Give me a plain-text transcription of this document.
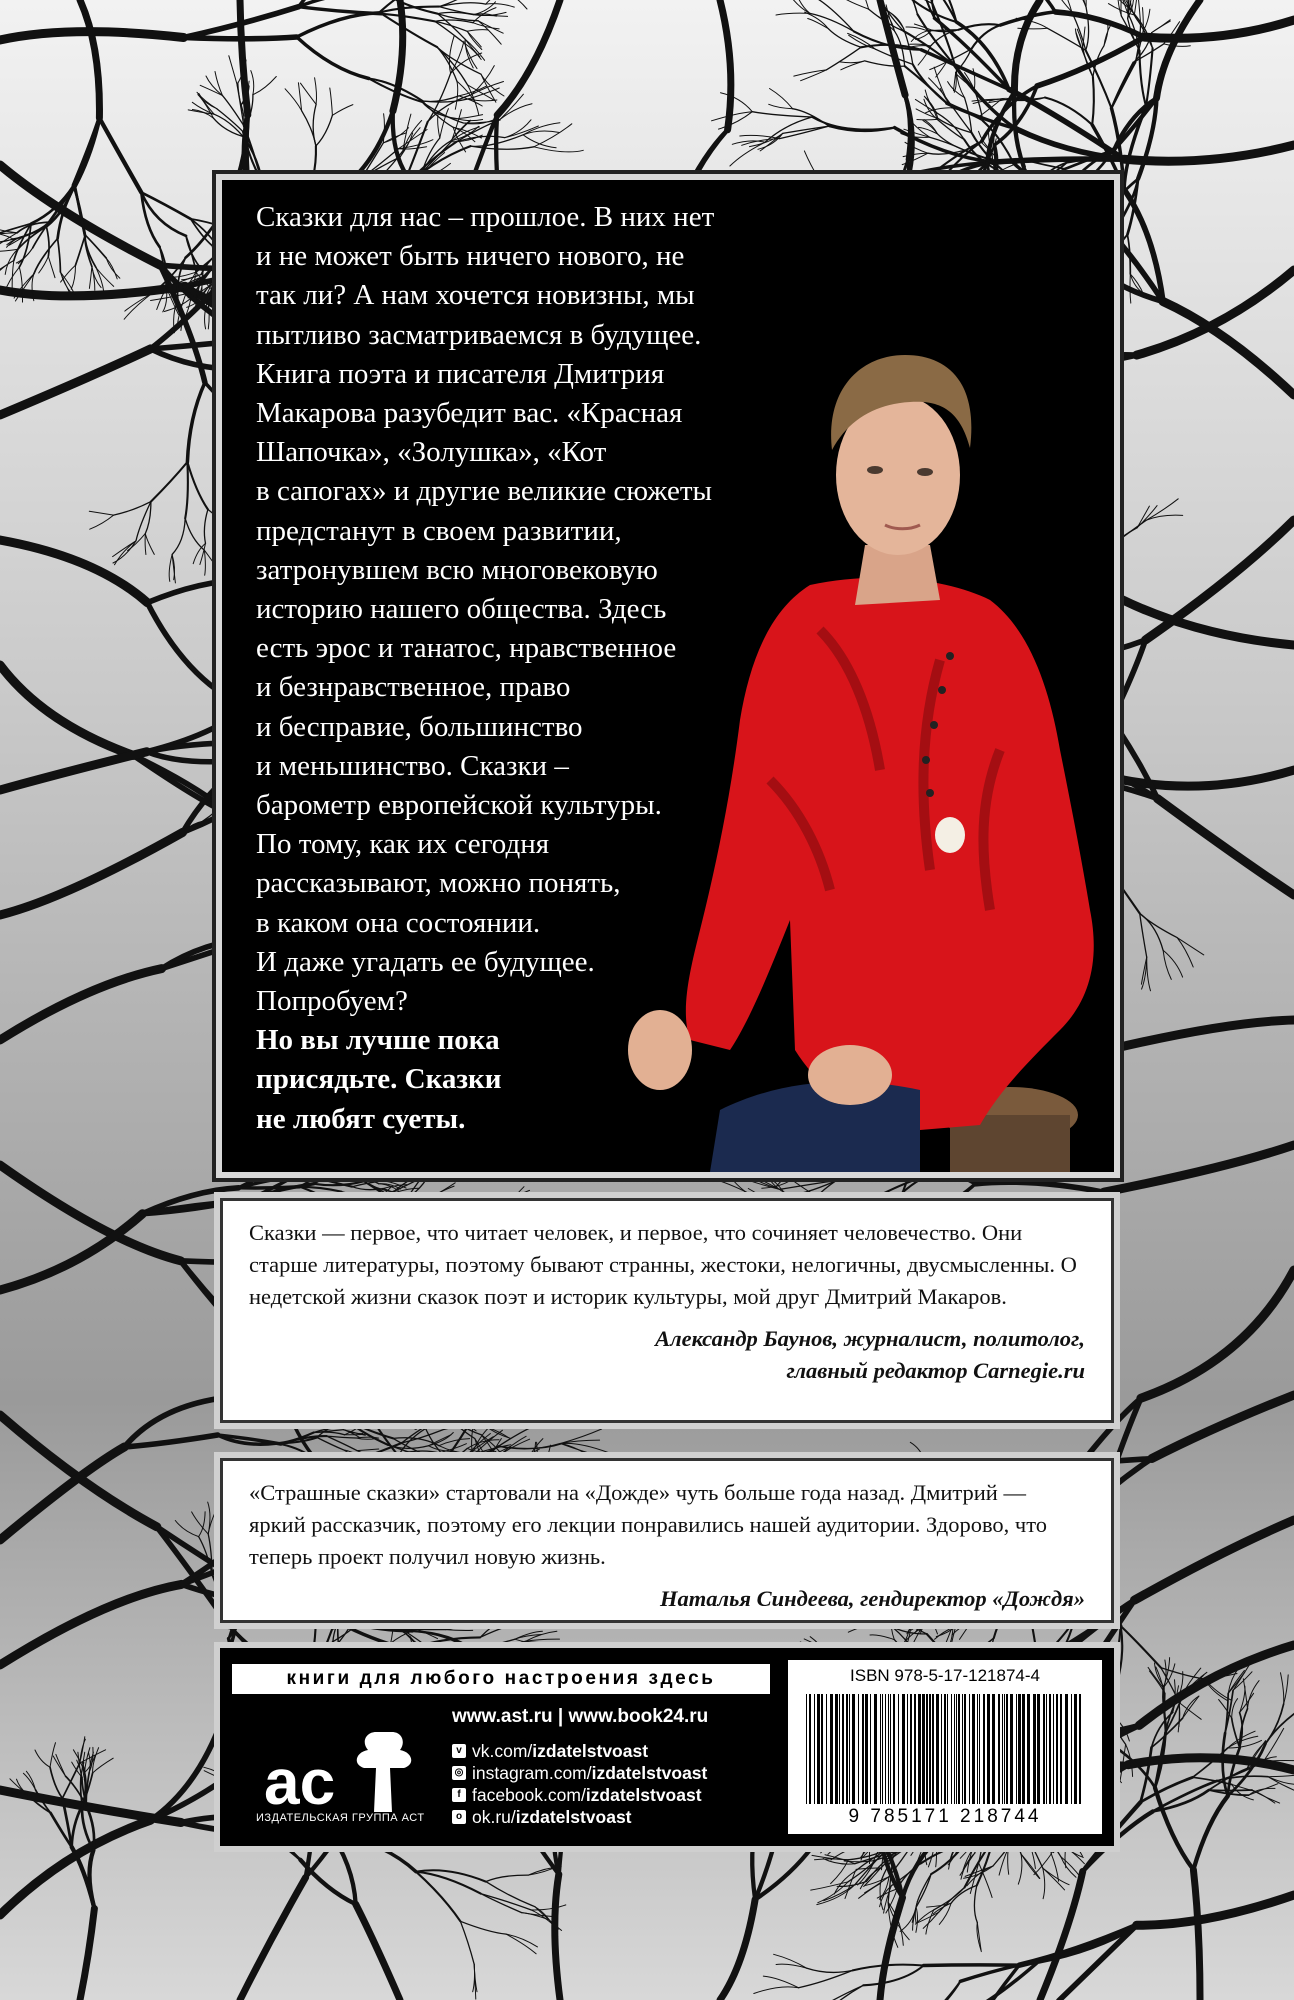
Сказки для нас – прошлое. В них нет
и не может быть ничего нового, не
так ли? А нам хочется новизны, мы
пытливо засматриваемся в будущее.
Книга поэта и писателя Дмитрия
Макарова разубедит вас. «Красная
Шапочка», «Золушка», «Кот
в сапогах» и другие великие сюжеты
предстанут в своем развитии,
затронувшем всю многовековую
историю нашего общества. Здесь
есть эрос и танатос, нравственное
и безнравственное, право
и бесправие, большинство
и меньшинство. Сказки –
барометр европейской культуры.
По тому, как их сегодня
рассказывают, можно понять,
в каком она состоянии.
И даже угадать ее будущее.
Попробуем?
Но вы лучше пока
присядьте. Сказки
не любят суеты.

Сказки — первое, что читает человек, и первое, что сочиняет человечество. Они старше литературы, поэтому бывают странны, жестоки, нелогичны, двусмысленны. О недетской жизни сказок поэт и историк культуры, мой друг Дмитрий Макаров.

Александр Баунов, журналист, политолог,
главный редактор Carnegie.ru

«Страшные сказки» стартовали на «Дожде» чуть больше года назад. Дмитрий — яркий рассказчик, поэтому его лекции понравились нашей аудитории. Здорово, что теперь проект получил новую жизнь.

Наталья Синдеева, гендиректор «Дождя»

книги для любого настроения здесь
ac
ИЗДАТЕЛЬСКАЯ ГРУППА АСТ
www.ast.ru | www.book24.ru
v vk.com/ izdatelstvoast
◎ instagram.com/ izdatelstvoast
f facebook.com/ izdatelstvoast
o ok.ru/ izdatelstvoast
ISBN 978-5-17-121874-4
9 785171 218744
